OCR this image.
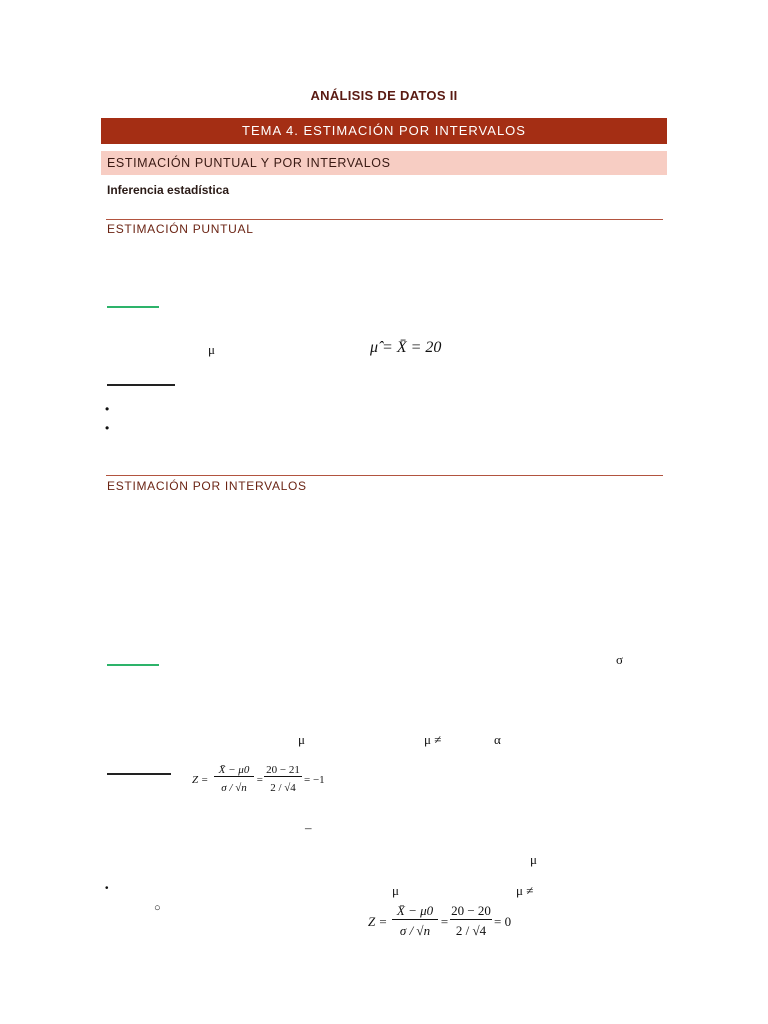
ANÁLISIS DE DATOS II
TEMA 4. ESTIMACIÓN POR INTERVALOS
ESTIMACIÓN PUNTUAL Y POR INTERVALOS
Inferencia estadística
ESTIMACIÓN PUNTUAL
μ	μ̂ = X̄ = 20
•
•
ESTIMACIÓN POR INTERVALOS
σ
μ	μ ≠	α
Z =
X̄ − μ0
σ / √n
=
20 − 21
2 / √4
= −1
–
μ
•	μ	μ ≠
○
Z =
X̄ − μ0
σ / √n
=
20 − 20
2 / √4
= 0
